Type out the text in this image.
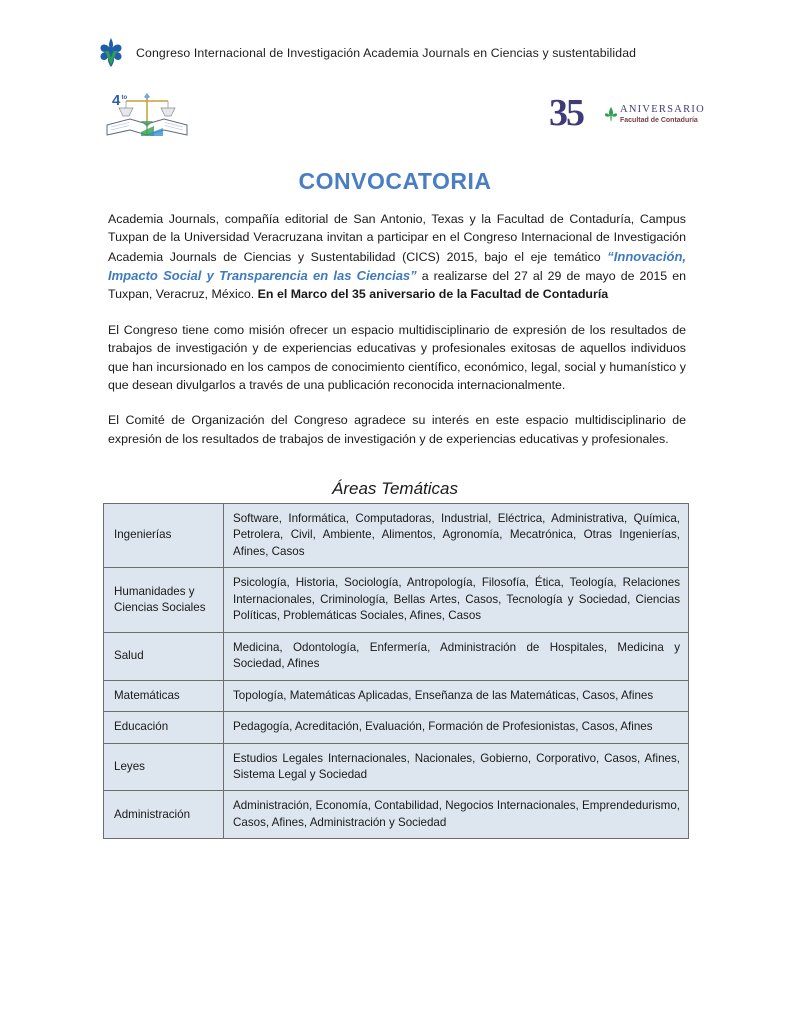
Congreso Internacional de Investigación Academia Journals en Ciencias y sustentabilidad
4 to	35 ANIVERSARIO
Facultad de Contaduría
CONVOCATORIA

Academia Journals, compañía editorial de San Antonio, Texas y la Facultad de Contaduría, Campus Tuxpan de la Universidad Veracruzana invitan a participar en el Congreso Internacional de Investigación Academia Journals de Ciencias y Sustentabilidad (CICS) 2015, bajo el eje temático “Innovación, Impacto Social y Transparencia en las Ciencias” a realizarse del 27 al 29 de mayo de 2015 en Tuxpan, Veracruz, México. En el Marco del 35 aniversario de la Facultad de Contaduría

El Congreso tiene como misión ofrecer un espacio multidisciplinario de expresión de los resultados de trabajos de investigación y de experiencias educativas y profesionales exitosas de aquellos individuos que han incursionado en los campos de conocimiento científico, económico, legal, social y humanístico y que desean divulgarlos a través de una publicación reconocida internacionalmente.

El Comité de Organización del Congreso agradece su interés en este espacio multidisciplinario de expresión de los resultados de trabajos de investigación y de experiencias educativas y profesionales.

Áreas Temáticas
Ingenierías	Software, Informática, Computadoras, Industrial, Eléctrica, Administrativa, Química, Petrolera, Civil, Ambiente, Alimentos, Agronomía, Mecatrónica, Otras Ingenierías, Afines, Casos
Humanidades y Ciencias Sociales	Psicología, Historia, Sociología, Antropología, Filosofía, Ética, Teología, Relaciones Internacionales, Criminología, Bellas Artes, Casos, Tecnología y Sociedad, Ciencias Políticas, Problemáticas Sociales, Afines, Casos
Salud	Medicina, Odontología, Enfermería, Administración de Hospitales, Medicina y Sociedad, Afines
Matemáticas	Topología, Matemáticas Aplicadas, Enseñanza de las Matemáticas, Casos, Afines
Educación	Pedagogía, Acreditación, Evaluación, Formación de Profesionistas, Casos, Afines
Leyes	Estudios Legales Internacionales, Nacionales, Gobierno, Corporativo, Casos, Afines, Sistema Legal y Sociedad
Administración	Administración, Economía, Contabilidad, Negocios Internacionales, Emprendedurismo, Casos, Afines, Administración y Sociedad
